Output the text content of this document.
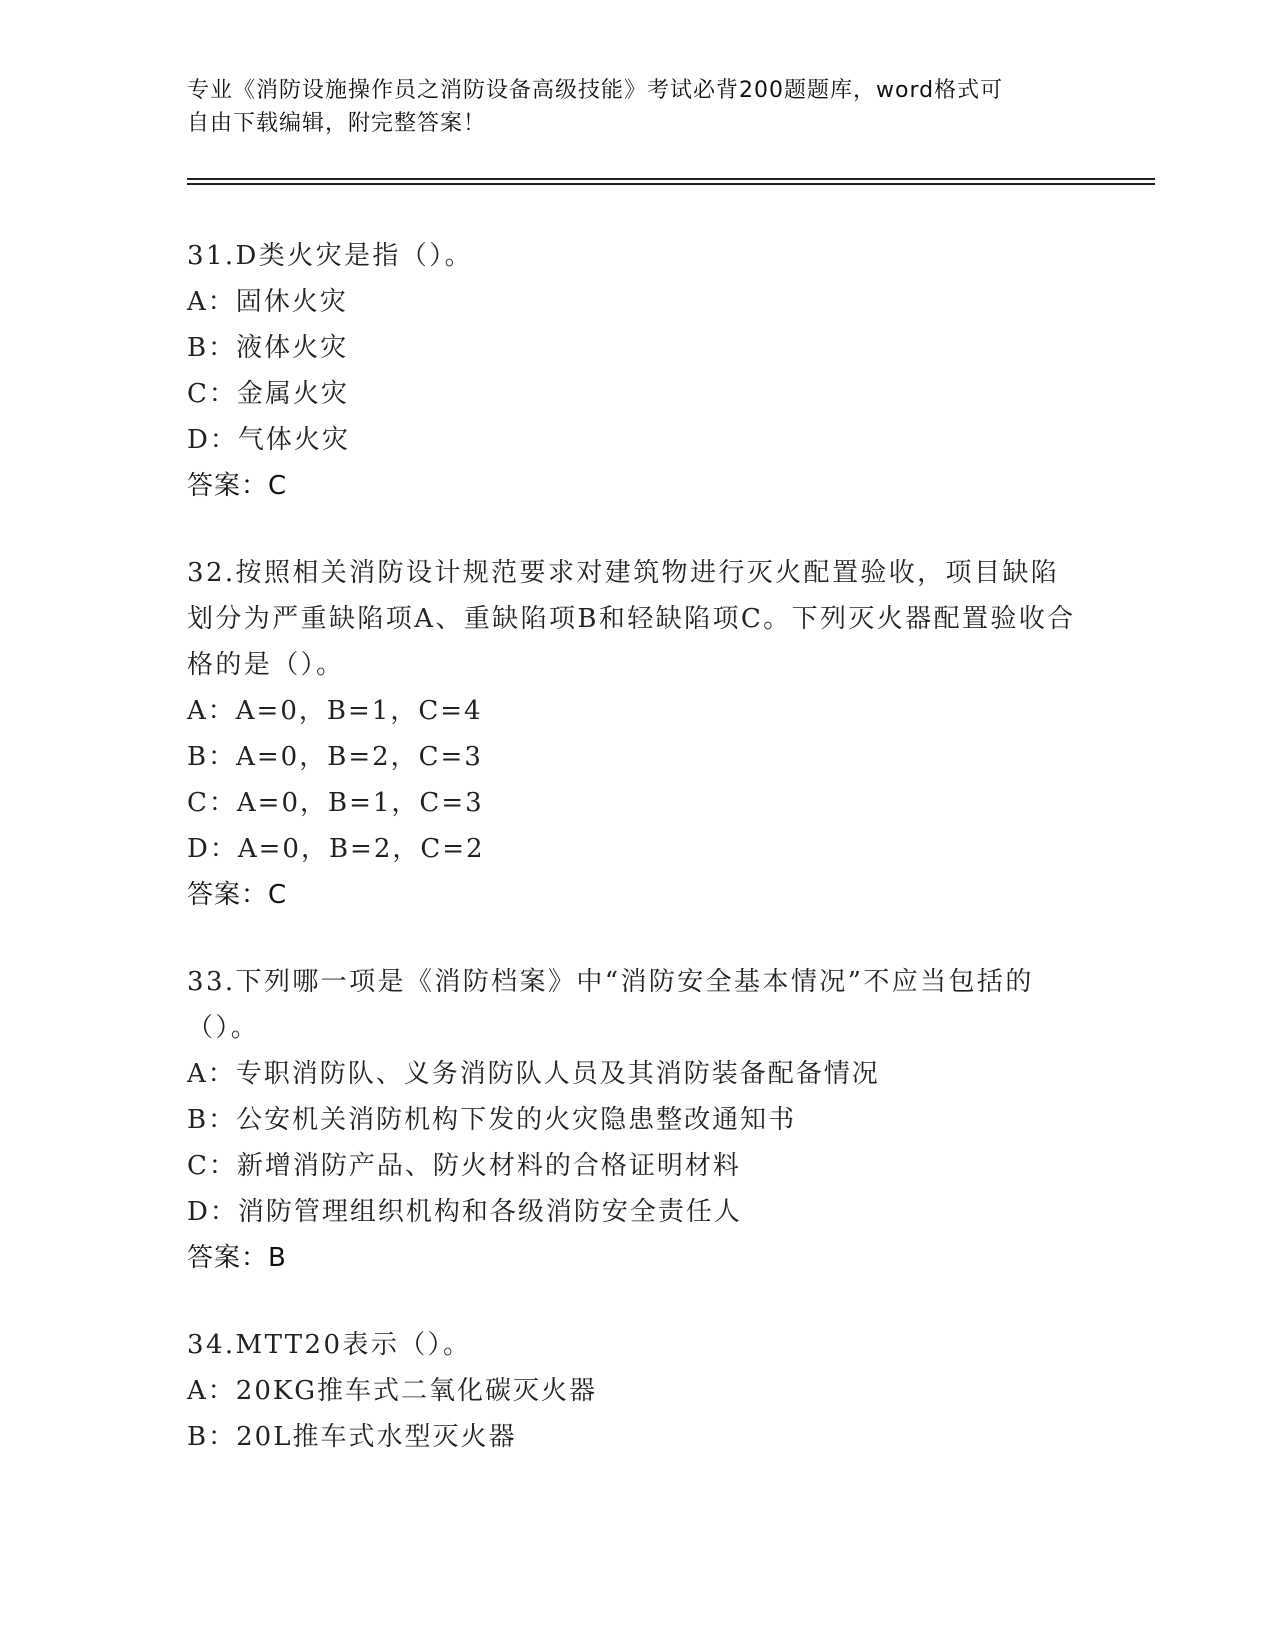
专业《消防设施操作员之消防设备高级技能》考试必背200题题库，word格式可
自由下载编辑，附完整答案！
31.D类火灾是指（）。
A：固休火灾
B：液体火灾
C：金属火灾
D：气体火灾
答案：C
32.按照相关消防设计规范要求对建筑物进行灭火配置验收，项目缺陷划分为严重缺陷项A、重缺陷项B和轻缺陷项C。下列灭火器配置验收合格的是（）。
A：A=0，B=1，C=4
B：A=0，B=2，C=3
C：A=0，B=1，C=3
D：A=0，B=2，C=2
答案：C
33.下列哪一项是《消防档案》中“消防安全基本情况”不应当包括的（）。
A：专职消防队、义务消防队人员及其消防装备配备情况
B：公安机关消防机构下发的火灾隐患整改通知书
C：新增消防产品、防火材料的合格证明材料
D：消防管理组织机构和各级消防安全责任人
答案：B
34.MTT20表示（）。
A：20KG推车式二氧化碳灭火器
B：20L推车式水型灭火器
